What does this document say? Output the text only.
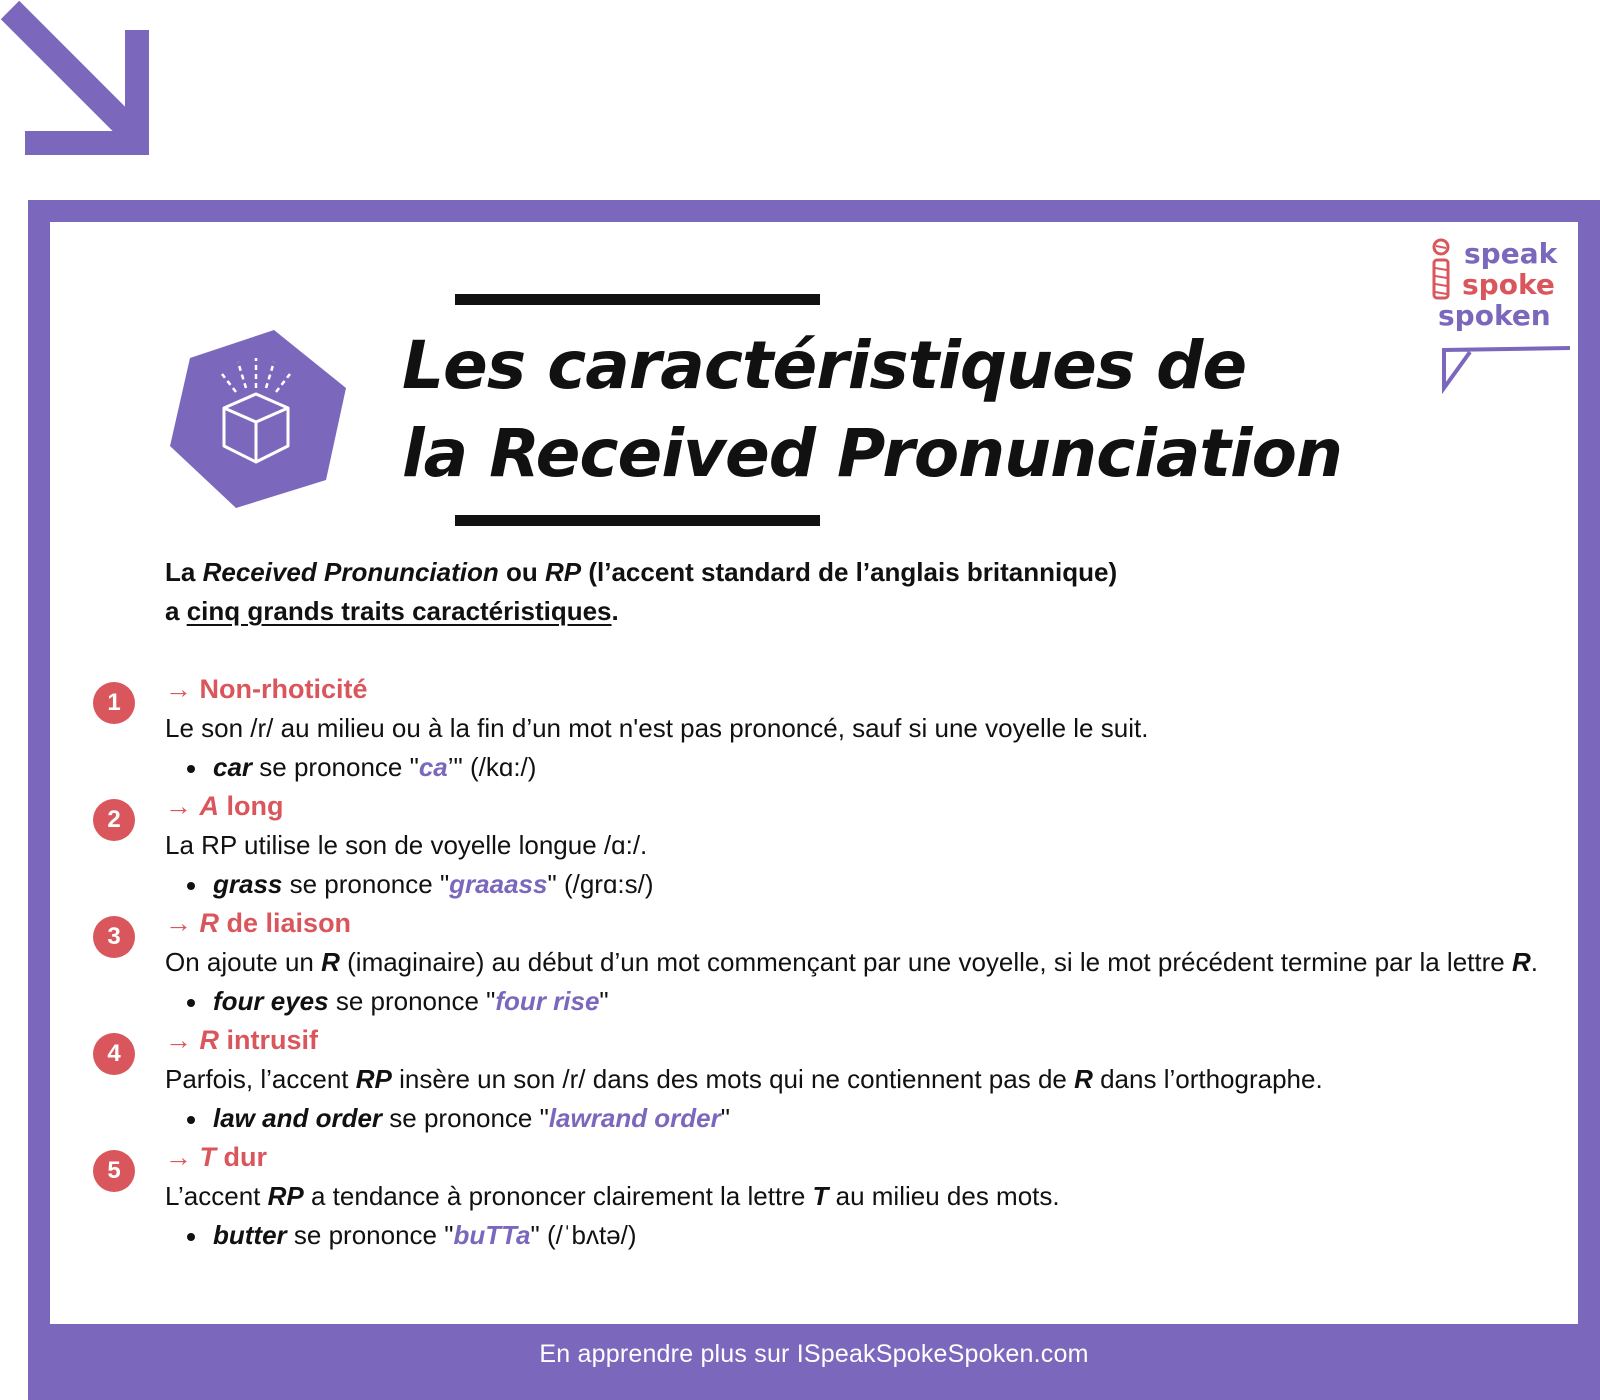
En apprendre plus sur ISpeakSpokeSpoken.com
speak
spoke
spoken
Les caractéristiques de
la Received Pronunciation
La Received Pronunciation ou RP (l’accent standard de l’anglais britannique)
a cinq grands traits caractéristiques.
1	→ Non-rhoticité
Le son /r/ au milieu ou à la fin d’un mot n'est pas prononcé, sauf si une voyelle le suit.
car se prononce "ca’" (/kɑ:/)
2	→ A long
La RP utilise le son de voyelle longue /ɑ:/.
grass se prononce "graaass" (/grɑ:s/)
3	→ R de liaison
On ajoute un R (imaginaire) au début d’un mot commençant par une voyelle, si le mot précédent termine par la lettre R.
four eyes se prononce "four rise"
4	→ R intrusif
Parfois, l’accent RP insère un son /r/ dans des mots qui ne contiennent pas de R dans l’orthographe.
law and order se prononce "lawrand order"
5	→ T dur
L’accent RP a tendance à prononcer clairement la lettre T au milieu des mots.
butter se prononce "buTTa" (/ˈbʌtə/)
